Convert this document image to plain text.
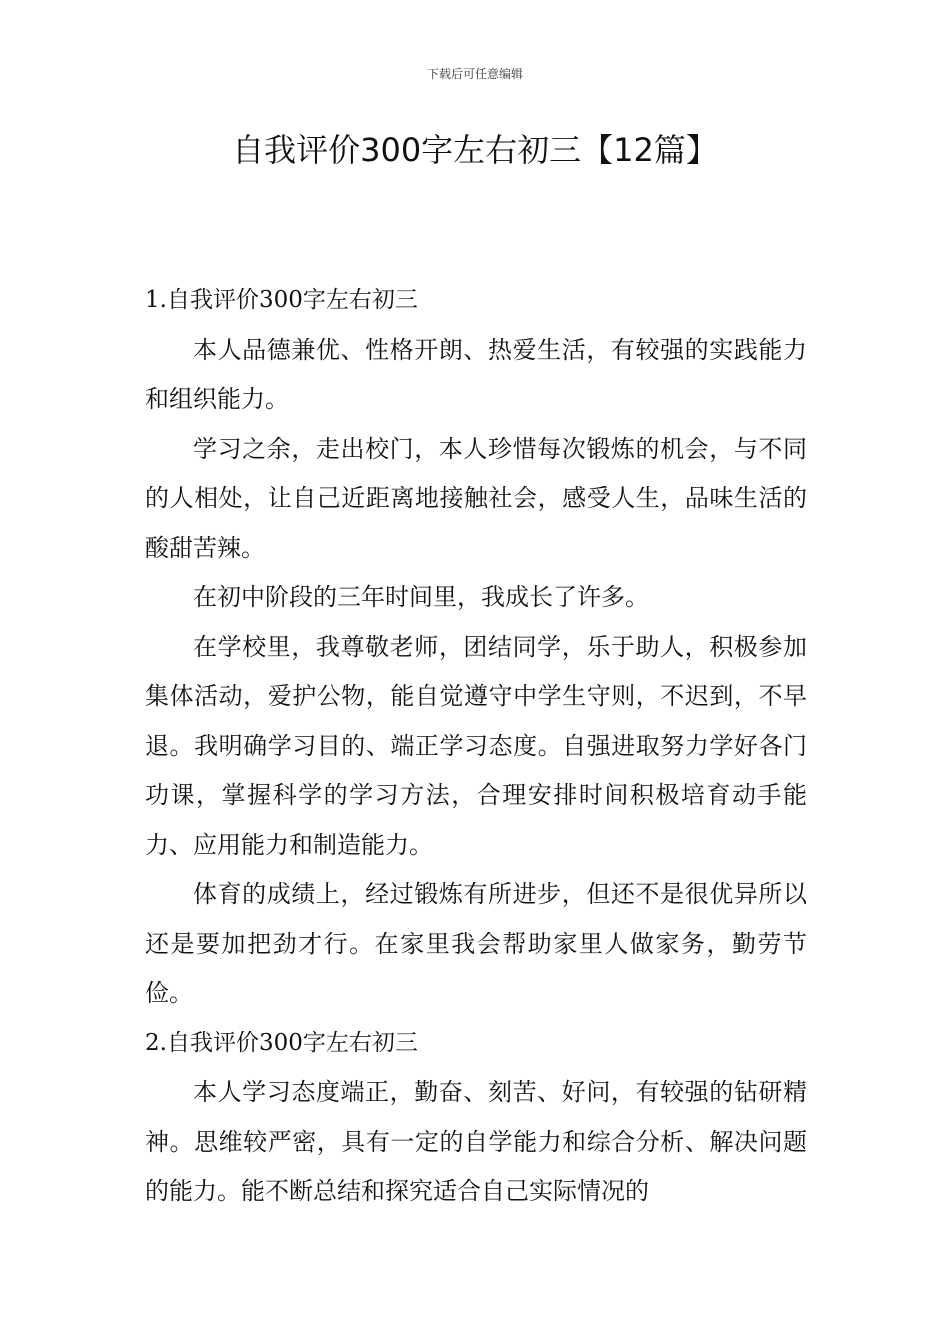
下载后可任意编辑
自我评价300字左右初三【12篇】

1.自我评价300字左右初三

本人品德兼优、性格开朗、热爱生活，有较强的实践能力和组织能力。

学习之余，走出校门，本人珍惜每次锻炼的机会，与不同的人相处，让自己近距离地接触社会，感受人生，品味生活的酸甜苦辣。

在初中阶段的三年时间里，我成长了许多。

在学校里，我尊敬老师，团结同学，乐于助人，积极参加集体活动，爱护公物，能自觉遵守中学生守则，不迟到，不早退。我明确学习目的、端正学习态度。自强进取努力学好各门功课，掌握科学的学习方法，合理安排时间积极培育动手能力、应用能力和制造能力。

体育的成绩上，经过锻炼有所进步，但还不是很优异所以还是要加把劲才行。在家里我会帮助家里人做家务，勤劳节俭。

2.自我评价300字左右初三

本人学习态度端正，勤奋、刻苦、好问，有较强的钻研精神。思维较严密，具有一定的自学能力和综合分析、解决问题的能力。能不断总结和探究适合自己实际情况的
